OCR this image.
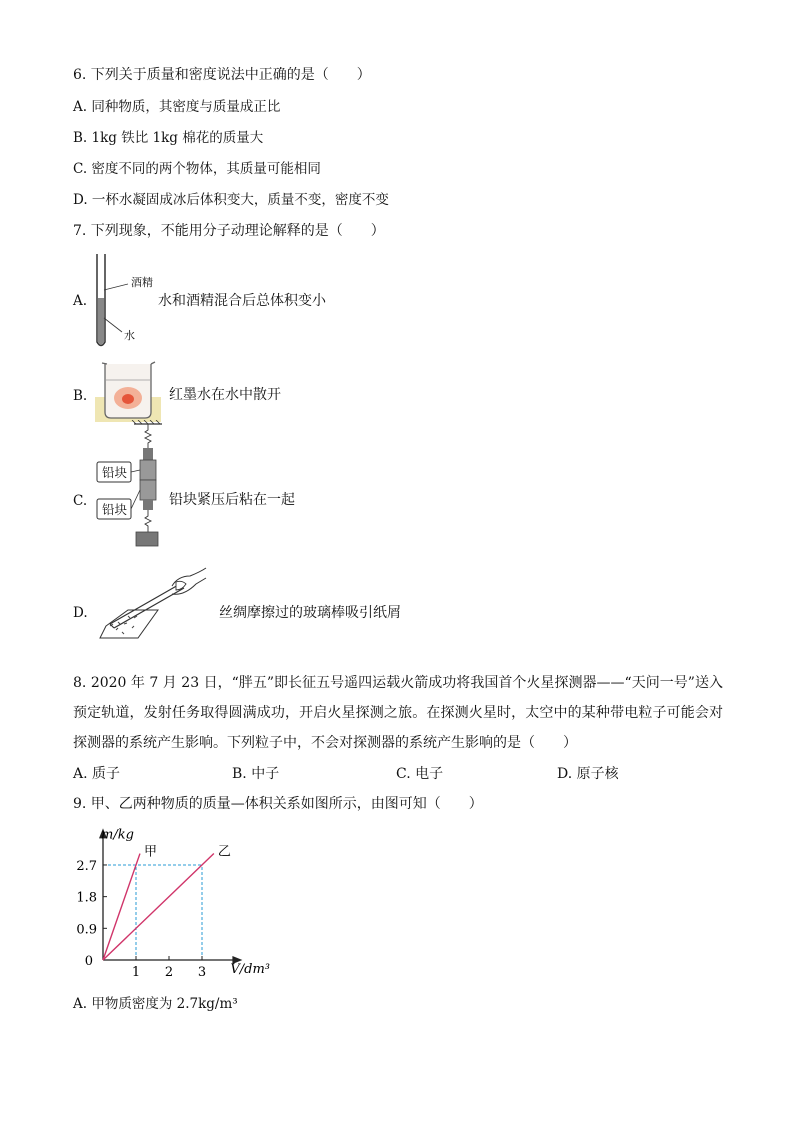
6. 下列关于质量和密度说法中正确的是（　　）
A. 同种物质，其密度与质量成正比
B. 1kg 铁比 1kg 棉花的质量大
C. 密度不同的两个物体，其质量可能相同
D. 一杯水凝固成冰后体积变大，质量不变，密度不变
7. 下列现象，不能用分子动理论解释的是（　　）
A.
酒精
水
水和酒精混合后总体积变小
B.	红墨水在水中散开
C.
铅块
铅块
铅块紧压后粘在一起
D.	丝绸摩擦过的玻璃棒吸引纸屑
8. 2020 年 7 月 23 日，“胖五”即长征五号遥四运载火箭成功将我国首个火星探测器——“天问一号”送入预定轨道，发射任务取得圆满成功，开启火星探测之旅。在探测火星时，太空中的某种带电粒子可能会对探测器的系统产生影响。下列粒子中，不会对探测器的系统产生影响的是（　　）
A. 质子	B. 中子	C. 电子	D. 原子核
9. 甲、乙两种物质的质量—体积关系如图所示，由图可知（　　）
1 2 3
0.9
1.8
2.7
0
m/kg
V/dm³
甲	乙
A. 甲物质密度为 2.7kg/m³
